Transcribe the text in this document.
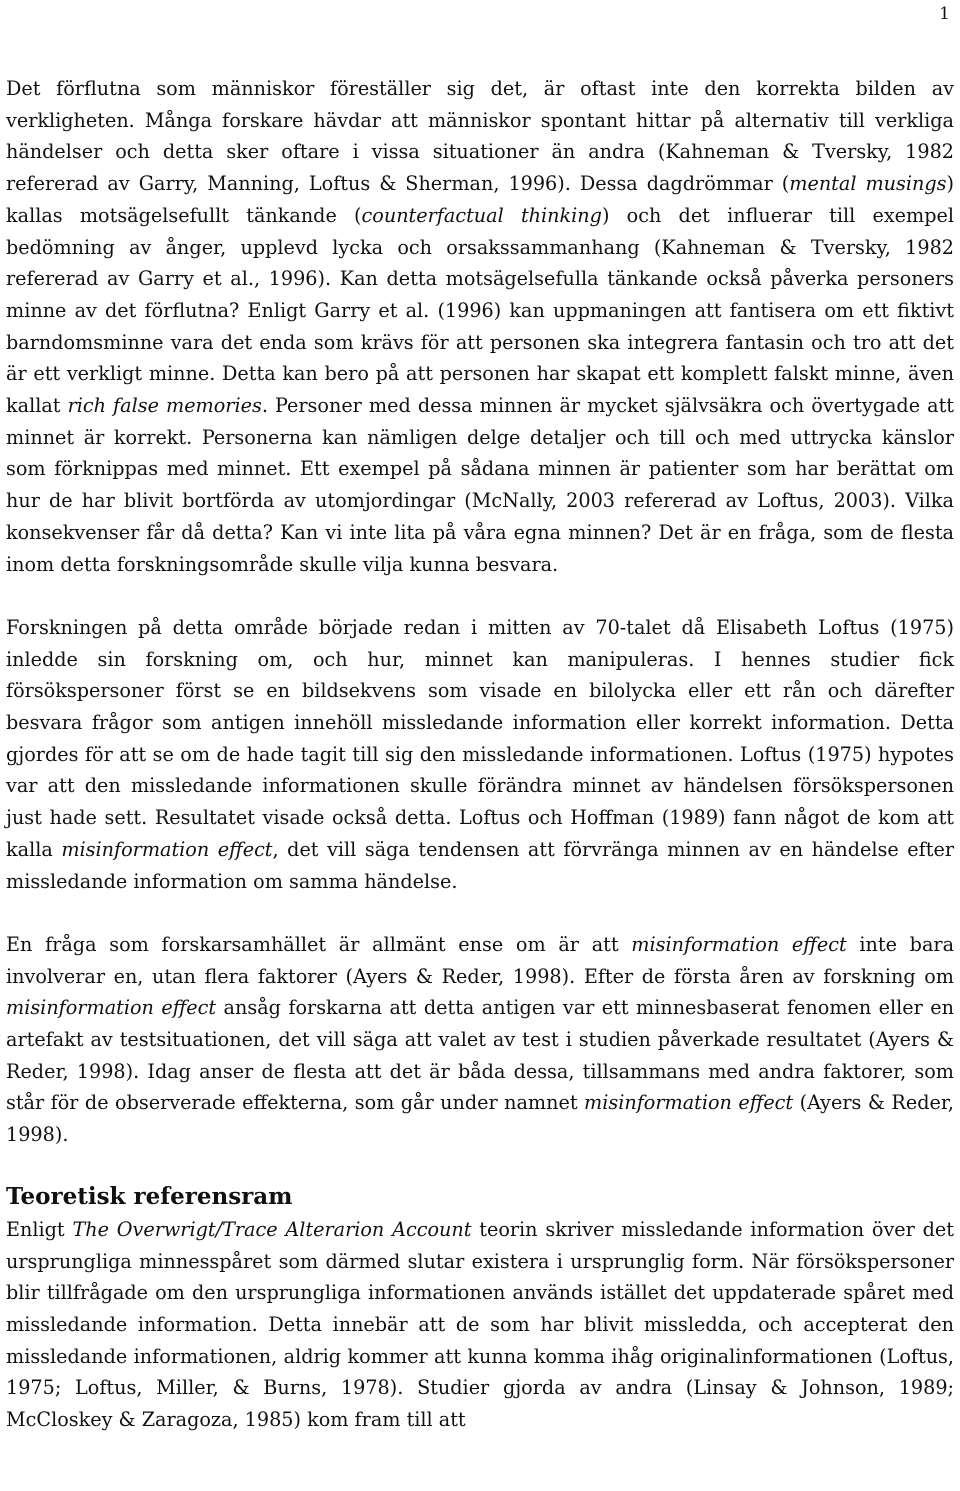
1

Det förflutna som människor föreställer sig det, är oftast inte den korrekta bilden av verkligheten. Många forskare hävdar att människor spontant hittar på alternativ till verkliga händelser och detta sker oftare i vissa situationer än andra (Kahneman & Tversky, 1982 refererad av Garry, Manning, Loftus & Sherman, 1996). Dessa dagdrömmar (mental musings) kallas motsägelsefullt tänkande (counterfactual thinking) och det influerar till exempel bedömning av ånger, upplevd lycka och orsakssammanhang (Kahneman & Tversky, 1982 refererad av Garry et al., 1996). Kan detta motsägelsefulla tänkande också påverka personers minne av det förflutna? Enligt Garry et al. (1996) kan uppmaningen att fantisera om ett fiktivt barndomsminne vara det enda som krävs för att personen ska integrera fantasin och tro att det är ett verkligt minne. Detta kan bero på att personen har skapat ett komplett falskt minne, även kallat rich false memories. Personer med dessa minnen är mycket självsäkra och övertygade att minnet är korrekt. Personerna kan nämligen delge detaljer och till och med uttrycka känslor som förknippas med minnet. Ett exempel på sådana minnen är patienter som har berättat om hur de har blivit bortförda av utomjordingar (McNally, 2003 refererad av Loftus, 2003). Vilka konsekvenser får då detta? Kan vi inte lita på våra egna minnen? Det är en fråga, som de flesta inom detta forskningsområde skulle vilja kunna besvara.

Forskningen på detta område började redan i mitten av 70-talet då Elisabeth Loftus (1975) inledde sin forskning om, och hur, minnet kan manipuleras. I hennes studier fick försökspersoner först se en bildsekvens som visade en bilolycka eller ett rån och därefter besvara frågor som antigen innehöll missledande information eller korrekt information. Detta gjordes för att se om de hade tagit till sig den missledande informationen. Loftus (1975) hypotes var att den missledande informationen skulle förändra minnet av händelsen försökspersonen just hade sett. Resultatet visade också detta. Loftus och Hoffman (1989) fann något de kom att kalla misinformation effect, det vill säga tendensen att förvränga minnen av en händelse efter missledande information om samma händelse.

En fråga som forskarsamhället är allmänt ense om är att misinformation effect inte bara involverar en, utan flera faktorer (Ayers & Reder, 1998). Efter de första åren av forskning om misinformation effect ansåg forskarna att detta antigen var ett minnesbaserat fenomen eller en artefakt av testsituationen, det vill säga att valet av test i studien påverkade resultatet (Ayers & Reder, 1998). Idag anser de flesta att det är båda dessa, tillsammans med andra faktorer, som står för de observerade effekterna, som går under namnet misinformation effect (Ayers & Reder, 1998).

Teoretisk referensram

Enligt The Overwrigt/Trace Alterarion Account teorin skriver missledande information över det ursprungliga minnesspåret som därmed slutar existera i ursprunglig form. När försökspersoner blir tillfrågade om den ursprungliga informationen används istället det uppdaterade spåret med missledande information. Detta innebär att de som har blivit missledda, och accepterat den missledande informationen, aldrig kommer att kunna komma ihåg originalinformationen (Loftus, 1975; Loftus, Miller, & Burns, 1978). Studier gjorda av andra (Linsay & Johnson, 1989; McCloskey & Zaragoza, 1985) kom fram till att
